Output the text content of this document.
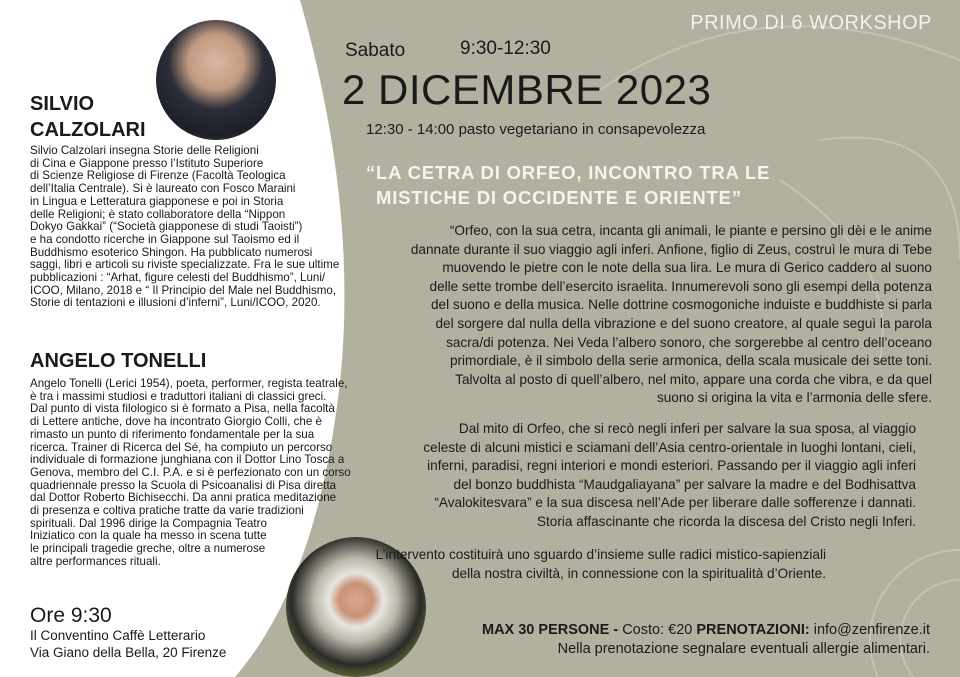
PRIMO DI 6 WORKSHOP
Sabato	9:30-12:30
2 DICEMBRE 2023
12:30 - 14:00 pasto vegetariano in consapevolezza
“LA CETRA DI ORFEO, INCONTRO TRA LE
MISTICHE DI OCCIDENTE E ORIENTE”
“Orfeo, con la sua cetra, incanta gli animali, le piante e persino gli dèi e le anime
dannate durante il suo viaggio agli inferi. Anfione, figlio di Zeus, costruì le mura di Tebe
muovendo le pietre con le note della sua lira. Le mura di Gerico caddero al suono
delle sette trombe dell’esercito israelita. Innumerevoli sono gli esempi della potenza
del suono e della musica. Nelle dottrine cosmogoniche induiste e buddhiste si parla
del sorgere dal nulla della vibrazione e del suono creatore, al quale seguì la parola
sacra/di potenza. Nei Veda l’albero sonoro, che sorgerebbe al centro dell’oceano
primordiale, è il simbolo della serie armonica, della scala musicale dei sette toni.
Talvolta al posto di quell’albero, nel mito, appare una corda che vibra, e da quel
suono si origina la vita e l’armonia delle sfere.
Dal mito di Orfeo, che si recò negli inferi per salvare la sua sposa, al viaggio
celeste di alcuni mistici e sciamani dell’Asia centro-orientale in luoghi lontani, cieli,
inferni, paradisi, regni interiori e mondi esteriori. Passando per il viaggio agli inferi
del bonzo buddhista “Maudgaliayana” per salvare la madre e del Bodhisattva
“Avalokitesvara” e la sua discesa nell’Ade per liberare dalle sofferenze i dannati.
Storia affascinante che ricorda la discesa del Cristo negli Inferi.
L’intervento costituirà uno sguardo d’insieme sulle radici mistico-sapienziali
della nostra civiltà, in connessione con la spiritualità d’Oriente.
SILVIO
CALZOLARI
Silvio Calzolari insegna Storie delle Religioni
di Cina e Giappone presso l’Istituto Superiore
di Scienze Religiose di Firenze (Facoltà Teologica
dell’Italia Centrale). Si è laureato con Fosco Maraini
in Lingua e Letteratura giapponese e poi in Storia
delle Religioni; è stato collaboratore della “Nippon
Dokyo Gakkai” (“Società giapponese di studi Taoisti”)
e ha condotto ricerche in Giappone sul Taoismo ed il
Buddhismo esoterico Shingon. Ha pubblicato numerosi
saggi, libri e articoli su riviste specializzate. Fra le sue ultime
pubblicazioni : “Arhat, figure celesti del Buddhismo”, Luni/
ICOO, Milano, 2018 e “ Il Principio del Male nel Buddhismo,
Storie di tentazioni e illusioni d’inferni”, Luni/ICOO, 2020.
ANGELO TONELLI
Angelo Tonelli (Lerici 1954), poeta, performer, regista teatrale,
è tra i massimi studiosi e traduttori italiani di classici greci.
Dal punto di vista filologico si è formato a Pisa, nella facoltà
di Lettere antiche, dove ha incontrato Giorgio Colli, che è
rimasto un punto di riferimento fondamentale per la sua
ricerca. Trainer di Ricerca del Sé, ha compiuto un percorso
individuale di formazione junghiana con il Dottor Lino Tosca a
Genova, membro del C.I. P.A. e si è perfezionato con un corso
quadriennale presso la Scuola di Psicoanalisi di Pisa diretta
dal Dottor Roberto Bichisecchi. Da anni pratica meditazione
di presenza e coltiva pratiche tratte da varie tradizioni
spirituali. Dal 1996 dirige la Compagnia Teatro
Iniziatico con la quale ha messo in scena tutte
le principali tragedie greche, oltre a numerose
altre performances rituali.
Ore 9:30
Il Conventino Caffè Letterario
Via Giano della Bella, 20 Firenze
MAX 30 PERSONE - Costo: €20 PRENOTAZIONI: info@zenfirenze.it
Nella prenotazione segnalare eventuali allergie alimentari.
